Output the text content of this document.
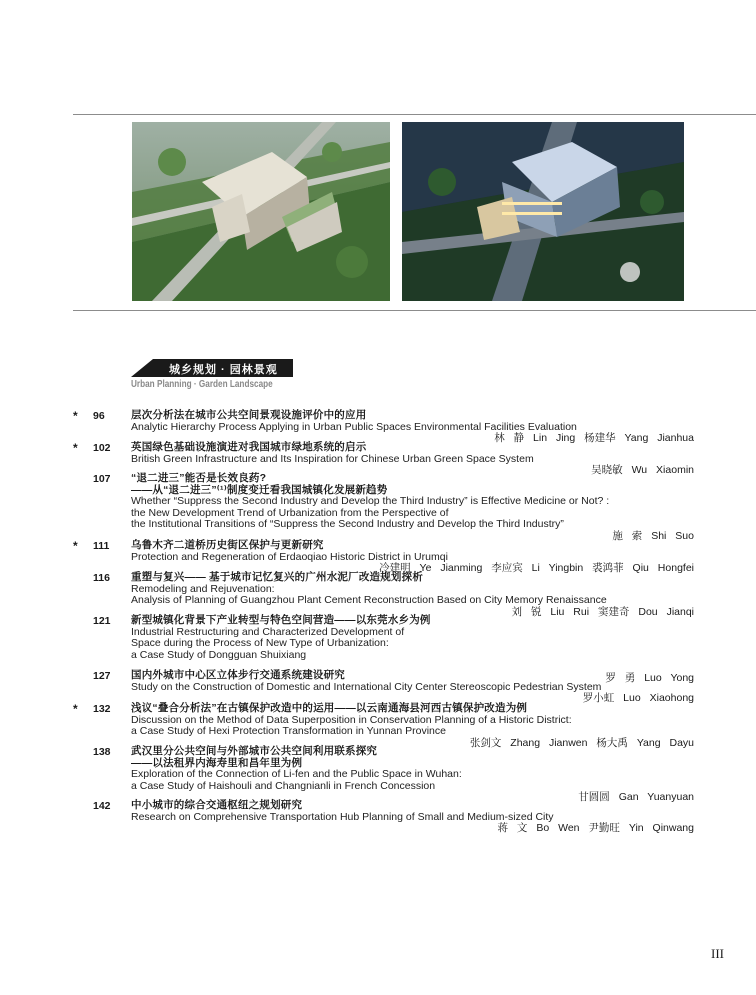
城乡规划 · 园林景观
Urban Planning · Garden Landscape
* 96	层次分析法在城市公共空间景观设施评价中的应用
Analytic Hierarchy Process Applying in Urban Public Spaces Environmental Facilities Evaluation
林 静 Lin Jing 杨建华 Yang Jianhua
* 102	英国绿色基础设施演进对我国城市绿地系统的启示
British Green Infrastructure and Its Inspiration for Chinese Urban Green Space System
吴晓敏 Wu Xiaomin
107	“退二进三”能否是长效良药?
——从“退二进三”⁽¹⁾制度变迁看我国城镇化发展新趋势
Whether “Suppress the Second Industry and Develop the Third Industry” is Effective Medicine or Not? :
the New Development Trend of Urbanization from the Perspective of
the Institutional Transitions of “Suppress the Second Industry and Develop the Third Industry”
施 索 Shi Suo
* 111	乌鲁木齐二道桥历史街区保护与更新研究
Protection and Regeneration of Erdaoqiao Historic District in Urumqi
冷建明 Ye Jianming 李应宾 Li Yingbin 裘鸿菲 Qiu Hongfei
116	重塑与复兴—— 基于城市记忆复兴的广州水泥厂改造规划探析
Remodeling and Rejuvenation:
Analysis of Planning of Guangzhou Plant Cement Reconstruction Based on City Memory Renaissance
刘 锐 Liu Rui 窦建奇 Dou Jianqi
121	新型城镇化背景下产业转型与特色空间营造——以东莞水乡为例
Industrial Restructuring and Characterized Development of
Space during the Process of New Type of Urbanization:
a Case Study of Dongguan Shuixiang
罗 勇 Luo Yong
127	国内外城市中心区立体步行交通系统建设研究
Study on the Construction of Domestic and International City Center Stereoscopic Pedestrian System
罗小虹 Luo Xiaohong
* 132	浅议“叠合分析法”在古镇保护改造中的运用——以云南通海县河西古镇保护改造为例
Discussion on the Method of Data Superposition in Conservation Planning of a Historic District:
a Case Study of Hexi Protection Transformation in Yunnan Province
张剑文 Zhang Jianwen 杨大禹 Yang Dayu
138	武汉里分公共空间与外部城市公共空间利用联系探究
——以法租界内海寿里和昌年里为例
Exploration of the Connection of Li-fen and the Public Space in Wuhan:
a Case Study of Haishouli and Changnianli in French Concession
甘圆圆 Gan Yuanyuan
142	中小城市的综合交通枢纽之规划研究
Research on Comprehensive Transportation Hub Planning of Small and Medium-sized City
蒋 文 Bo Wen 尹勤旺 Yin Qinwang
III
